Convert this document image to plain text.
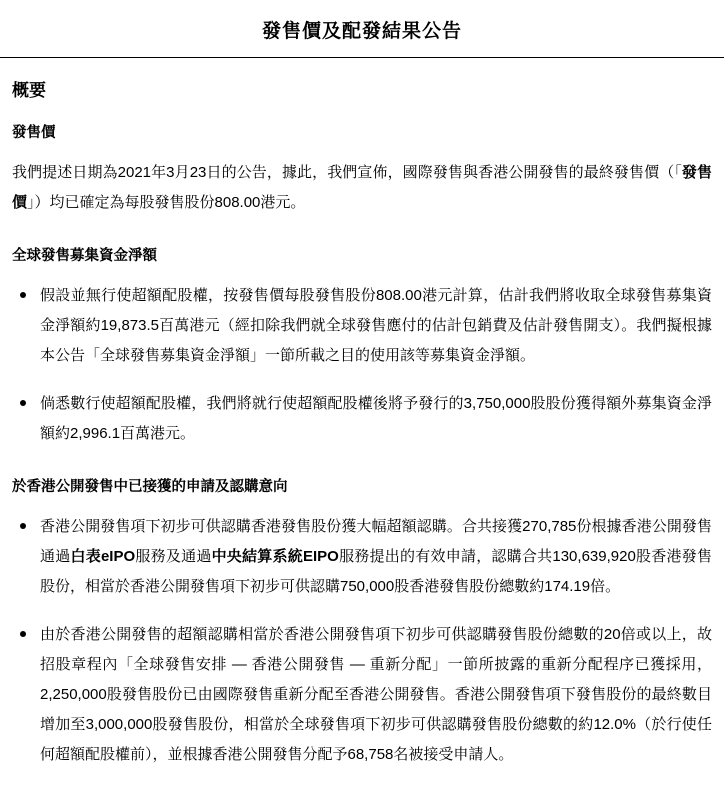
發售價及配發結果公告
概要
發售價

我們提述日期為2021年3月23日的公告，據此，我們宣佈，國際發售與香港公開發售的最終發售價（「發售價」）均已確定為每股發售股份808.00港元。

全球發售募集資金淨額
假設並無行使超額配股權，按發售價每股發售股份808.00港元計算，估計我們將收取全球發售募集資金淨額約19,873.5百萬港元（經扣除我們就全球發售應付的估計包銷費及估計發售開支）。我們擬根據本公告「全球發售募集資金淨額」一節所載之目的使用該等募集資金淨額。
倘悉數行使超額配股權，我們將就行使超額配股權後將予發行的3,750,000股股份獲得額外募集資金淨額約2,996.1百萬港元。
於香港公開發售中已接獲的申請及認購意向
香港公開發售項下初步可供認購香港發售股份獲大幅超額認購。合共接獲270,785份根據香港公開發售通過白表eIPO服務及通過中央結算系統EIPO服務提出的有效申請，認購合共130,639,920股香港發售股份，相當於香港公開發售項下初步可供認購750,000股香港發售股份總數約174.19倍。
由於香港公開發售的超額認購相當於香港公開發售項下初步可供認購發售股份總數的20倍或以上，故招股章程內「全球發售安排 — 香港公開發售 — 重新分配」一節所披露的重新分配程序已獲採用，2,250,000股發售股份已由國際發售重新分配至香港公開發售。香港公開發售項下發售股份的最終數目增加至3,000,000股發售股份，相當於全球發售項下初步可供認購發售股份總數的約12.0%（於行使任何超額配股權前），並根據香港公開發售分配予68,758名被接受申請人。
